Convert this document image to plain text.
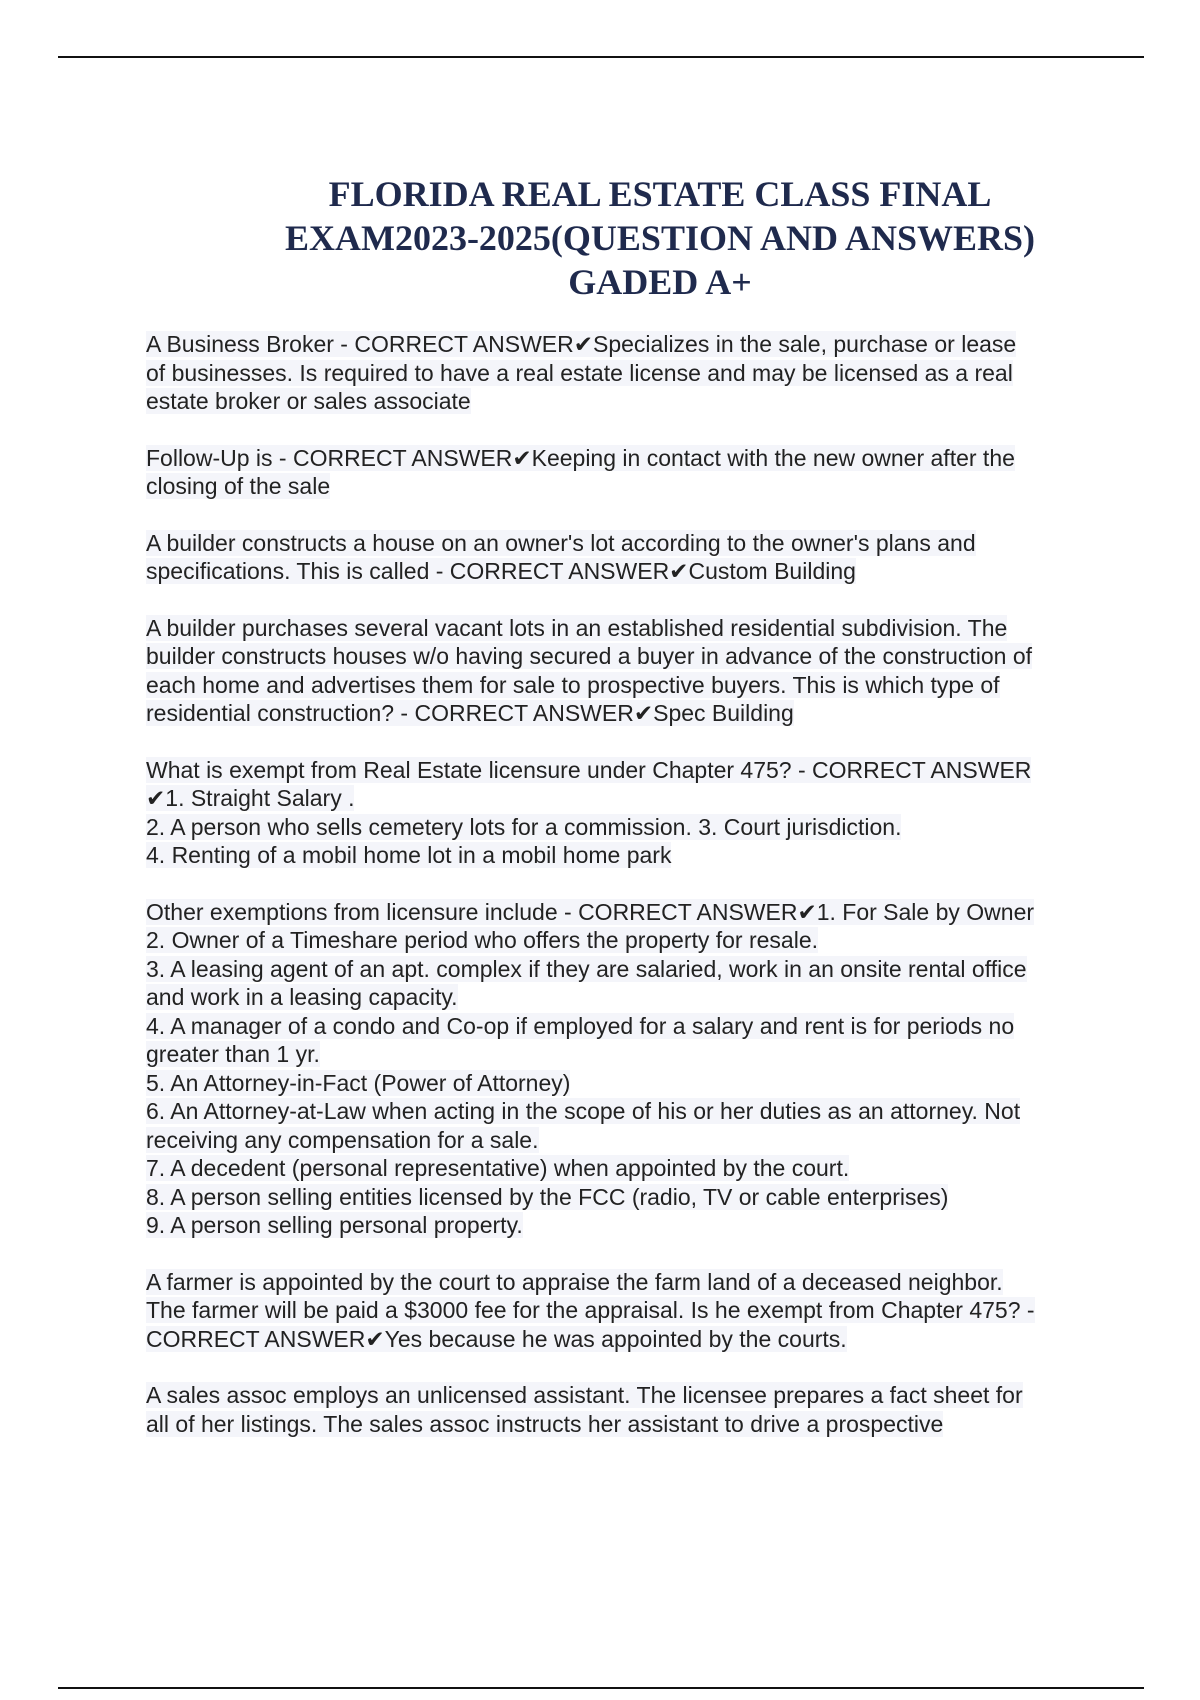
FLORIDA REAL ESTATE CLASS FINAL
EXAM2023-2025(QUESTION AND ANSWERS)
GADED A+
A Business Broker - CORRECT ANSWER✔Specializes in the sale, purchase or lease
of businesses. Is required to have a real estate license and may be licensed as a real
estate broker or sales associate
Follow-Up is - CORRECT ANSWER✔Keeping in contact with the new owner after the
closing of the sale
A builder constructs a house on an owner's lot according to the owner's plans and
specifications. This is called - CORRECT ANSWER✔Custom Building
A builder purchases several vacant lots in an established residential subdivision. The
builder constructs houses w/o having secured a buyer in advance of the construction of
each home and advertises them for sale to prospective buyers. This is which type of
residential construction? - CORRECT ANSWER✔Spec Building
What is exempt from Real Estate licensure under Chapter 475? - CORRECT ANSWER
✔1. Straight Salary .
2. A person who sells cemetery lots for a commission. 3. Court jurisdiction.
4. Renting of a mobil home lot in a mobil home park
Other exemptions from licensure include - CORRECT ANSWER✔1. For Sale by Owner
2. Owner of a Timeshare period who offers the property for resale.
3. A leasing agent of an apt. complex if they are salaried, work in an onsite rental office
and work in a leasing capacity.
4. A manager of a condo and Co-op if employed for a salary and rent is for periods no
greater than 1 yr.
5. An Attorney-in-Fact (Power of Attorney)
6. An Attorney-at-Law when acting in the scope of his or her duties as an attorney. Not
receiving any compensation for a sale.
7. A decedent (personal representative) when appointed by the court.
8. A person selling entities licensed by the FCC (radio, TV or cable enterprises)
9. A person selling personal property.
A farmer is appointed by the court to appraise the farm land of a deceased neighbor.
The farmer will be paid a $3000 fee for the appraisal. Is he exempt from Chapter 475? -
CORRECT ANSWER✔Yes because he was appointed by the courts.
A sales assoc employs an unlicensed assistant. The licensee prepares a fact sheet for
all of her listings. The sales assoc instructs her assistant to drive a prospective
